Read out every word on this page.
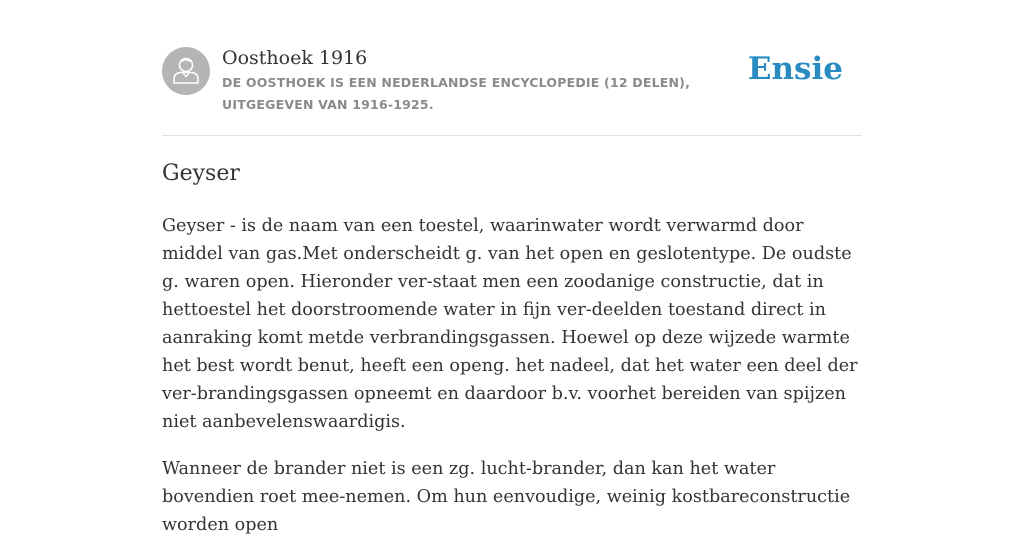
Oosthoek 1916
DE OOSTHOEK IS EEN NEDERLANDSE ENCYCLOPEDIE (12 DELEN), UITGEGEVEN VAN 1916-1925.
Ensie
Geyser

Geyser - is de naam van een toestel, waarinwater wordt verwarmd door middel van gas.Met onderscheidt g. van het open en geslotentype. De oudste g. waren open. Hieronder ver-staat men een zoodanige constructie, dat in hettoestel het doorstroomende water in fijn ver-deelden toestand direct in aanraking komt metde verbrandingsgassen. Hoewel op deze wijzede warmte het best wordt benut, heeft een openg. het nadeel, dat het water een deel der ver-brandingsgassen opneemt en daardoor b.v. voorhet bereiden van spijzen niet aanbevelenswaardigis.

Wanneer de brander niet is een zg. lucht-brander, dan kan het water bovendien roet mee-nemen. Om hun eenvoudige, weinig kostbareconstructie worden open
